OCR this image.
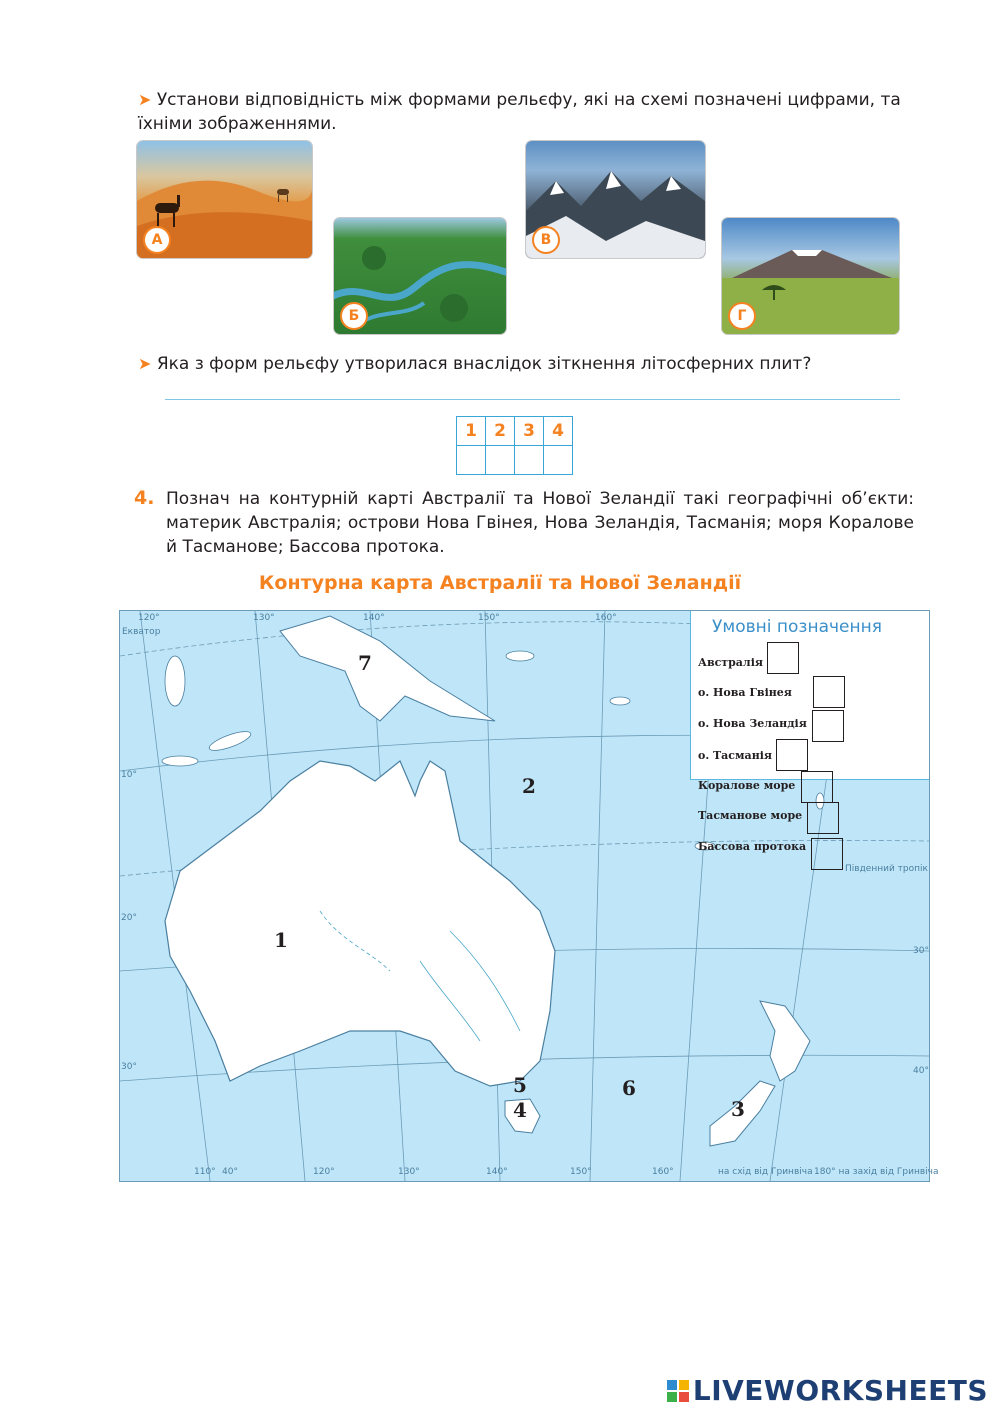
➤ Установи відповідність між формами рельєфу, які на схемі позначені цифрами, та їхніми зображеннями.
А
Б
В
Г
➤ Яка з форм рельєфу утворилася внаслідок зіткнення літосферних плит?
1	2	3	4

4. Познач на контурній карті Австралії та Нової Зеландії такі географічні об’єкти: материк Австралія; острови Нова Гвінея, Нова Зеландія, Тасманія; моря Коралове й Тасманове; Бассова протока.
Контурна карта Австралії та Нової Зеландії
120°	130°	140°	150°	160°
Екватор
Південний тропік
10°
20°
30°
30°
40°
110° 40°	120°	130°	140°	150°	160°	на схід від Гринвіча 180° на захід від Гринвіча
7
2
1
5
4
6
3
Умовні позначення
Австралія
о. Нова Гвінея
о. Нова Зеландія
о. Тасманія
Коралове море
Тасманове море
Бассова протока
LIVEWORKSHEETS
